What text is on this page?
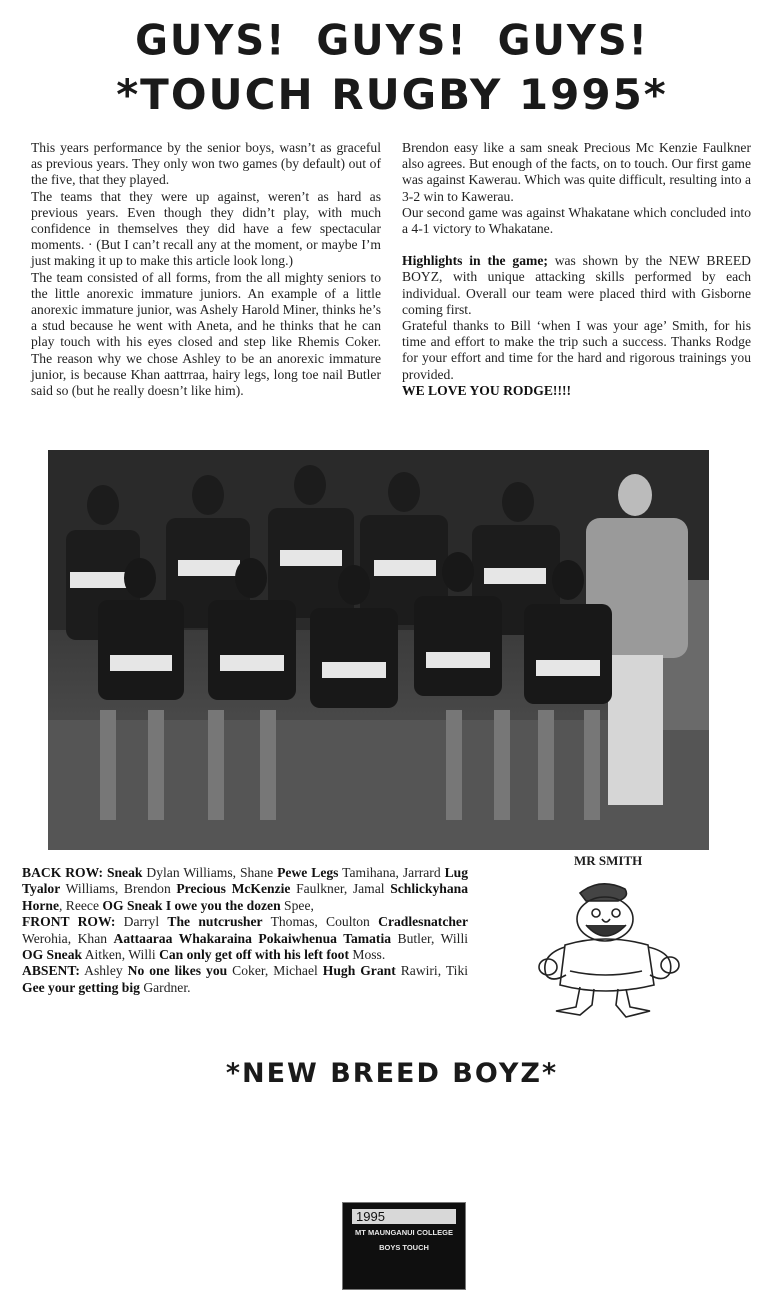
GUYS! GUYS! GUYS!
*TOUCH RUGBY 1995*

This years performance by the senior boys, wasn’t as graceful as previous years. They only won two games (by default) out of the five, that they played.

The teams that they were up against, weren’t as hard as previous years. Even though they didn’t play, with much confidence in themselves they did have a few spectacular moments. · (But I can’t recall any at the moment, or maybe I’m just making it up to make this article look long.)

The team consisted of all forms, from the all mighty seniors to the little anorexic immature juniors. An example of a little anorexic immature junior, was Ashely Harold Miner, thinks he’s a stud because he went with Aneta, and he thinks that he can play touch with his eyes closed and step like Rhemis Coker. The reason why we chose Ashley to be an anorexic immature junior, is because Khan aattrraa, hairy legs, long toe nail Butler said so (but he really doesn’t like him).

Brendon easy like a sam sneak Precious Mc Kenzie Faulkner also agrees. But enough of the facts, on to touch. Our first game was against Kawerau. Which was quite difficult, resulting into a 3-2 win to Kawerau.

Our second game was against Whakatane which concluded into a 4-1 victory to Whakatane.

Highlights in the game; was shown by the NEW BREED BOYZ, with unique attacking skills performed by each individual. Overall our team were placed third with Gisborne coming first.

Grateful thanks to Bill ‘when I was your age’ Smith, for his time and effort to make the trip such a success. Thanks Rodge for your effort and time for the hard and rigorous trainings you provided.

WE LOVE YOU RODGE!!!!

1995
MT MAUNGANUI COLLEGE
BOYS TOUCH

BACK ROW: Sneak Dylan Williams, Shane Pewe Legs Tamihana, Jarrard Lug Tyalor Williams, Brendon Precious McKenzie Faulkner, Jamal Schlickyhana Horne, Reece OG Sneak I owe you the dozen Spee,

FRONT ROW: Darryl The nutcrusher Thomas, Coulton Cradlesnatcher Werohia, Khan Aattaaraa Whakaraina Pokaiwhenua Tamatia Butler, Willi OG Sneak Aitken, Willi Can only get off with his left foot Moss.

ABSENT: Ashley No one likes you Coker, Michael Hugh Grant Rawiri, Tiki Gee your getting big Gardner.

MR SMITH
*NEW BREED BOYZ*
